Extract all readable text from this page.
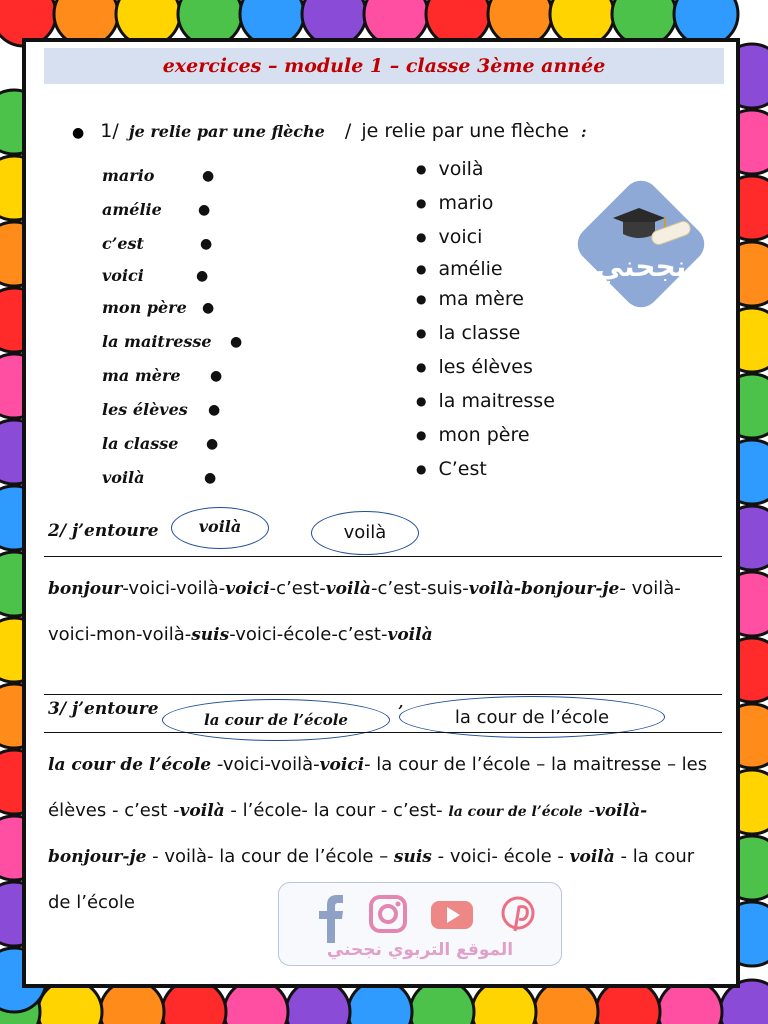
exercices – module 1 – classe 3ème année
● 1/ je relie par une flèche / je relie par une flèche :
نجحني
2/ j’entoure	voilà	voilà
bonjour-voici-voilà-voici-c’est-voilà-c’est-suis-voilà-bonjour-je- voilà-
voici-mon-voilà-suis-voici-école-c’est-voilà
3/ j’entoure
la cour de l’école	’	la cour de l’école
la cour de l’école -voici-voilà-voici- la cour de l’école – la maitresse – les
élèves - c’est -voilà - l’école- la cour - c’est- la cour de l’école -voilà-
bonjour-je - voilà- la cour de l’école – suis - voici- école - voilà - la cour
de l’école
الموقع التربوي نجحني
mario	●
amélie	●
c’est	●
voici	●
mon père ●
la maitresse ●
ma mère ●
les élèves ●
la classe ●
voilà	●
● voilà
● mario
● voici
● amélie
● ma mère
● la classe
● les élèves
● la maitresse
● mon père
● C’est
